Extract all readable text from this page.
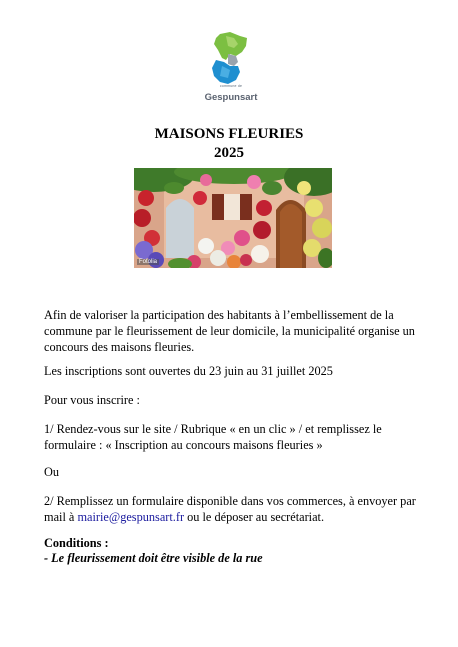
commune de
Gespunsart
MAISONS FLEURIES
2025
Fotolia
Afin de valoriser la participation des habitants à l’embellissement de la commune par le fleurissement de leur domicile, la municipalité organise un concours des maisons fleuries.
Les inscriptions sont ouvertes du 23 juin au 31 juillet 2025
Pour vous inscrire :
1/ Rendez-vous sur le site / Rubrique « en un clic » / et remplissez le formulaire : « Inscription au concours maisons fleuries »
Ou
2/ Remplissez un formulaire disponible dans vos commerces, à envoyer par mail à mairie@gespunsart.fr ou le déposer au secrétariat.
Conditions :
- Le fleurissement doit être visible de la rue
